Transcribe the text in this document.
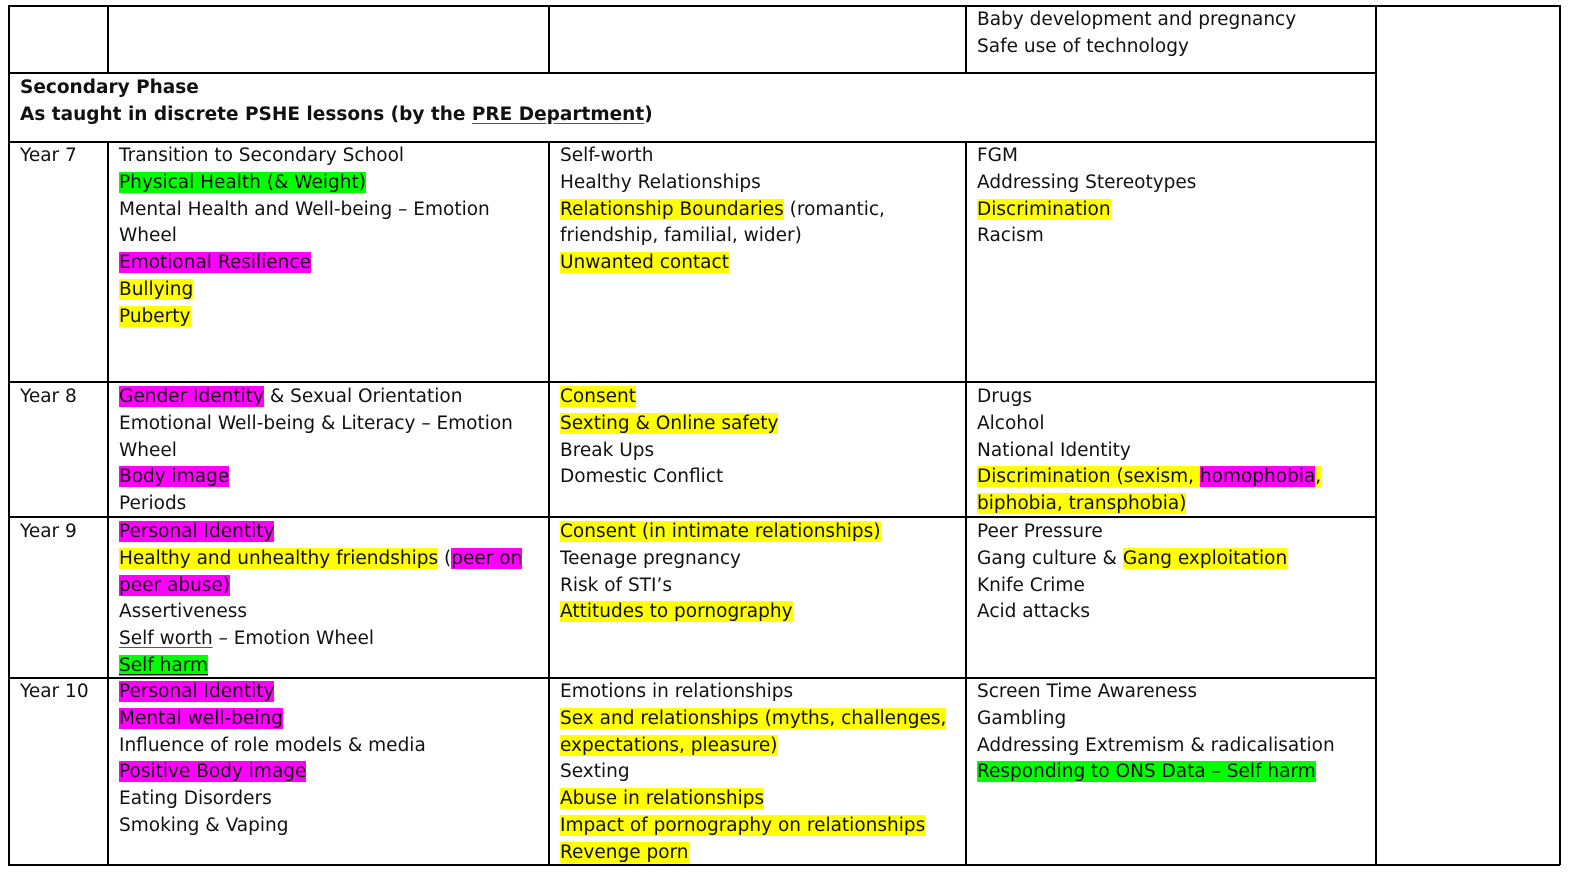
Baby development and pregnancy
Safe use of technology
Secondary Phase
As taught in discrete PSHE lessons (by the PRE Department)
Year 7 Transition to Secondary School
Physical Health (& Weight)
Mental Health and Well-being – Emotion
Wheel
Emotional Resilience
Bullying
Puberty
Self-worth
Healthy Relationships
Relationship Boundaries (romantic,
friendship, familial, wider)
Unwanted contact
FGM
Addressing Stereotypes
Discrimination
Racism
Year 8 Gender Identity & Sexual Orientation
Emotional Well-being & Literacy – Emotion
Wheel
Body image
Periods
Consent
Sexting & Online safety
Break Ups
Domestic Conflict
Drugs
Alcohol
National Identity
Discrimination (sexism, homophobia,
biphobia, transphobia)
Year 9 Personal Identity
Healthy and unhealthy friendships (peer on
peer abuse)
Assertiveness
Self worth – Emotion Wheel
Self harm
Consent (in intimate relationships)
Teenage pregnancy
Risk of STI’s
Attitudes to pornography
Peer Pressure
Gang culture & Gang exploitation
Knife Crime
Acid attacks
Year 10 Personal Identity
Mental well-being
Influence of role models & media
Positive Body image
Eating Disorders
Smoking & Vaping
Emotions in relationships
Sex and relationships (myths, challenges,
expectations, pleasure)
Sexting
Abuse in relationships
Impact of pornography on relationships
Revenge porn
Screen Time Awareness
Gambling
Addressing Extremism & radicalisation
Responding to ONS Data – Self harm
